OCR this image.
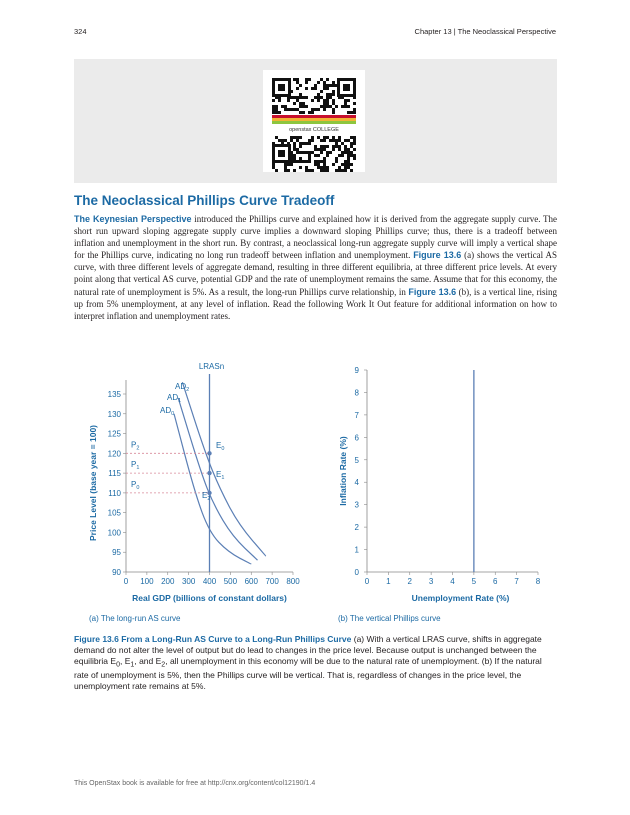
324	Chapter 13 | The Neoclassical Perspective
openstax COLLEGE
The Neoclassical Phillips Curve Tradeoff
The Keynesian Perspective introduced the Phillips curve and explained how it is derived from the aggregate supply curve. The short run upward sloping aggregate supply curve implies a downward sloping Phillips curve; thus, there is a tradeoff between inflation and unemployment in the short run. By contrast, a neoclassical long-run aggregate supply curve will imply a vertical shape for the Phillips curve, indicating no long run tradeoff between inflation and unemployment. Figure 13.6 (a) shows the vertical AS curve, with three different levels of aggregate demand, resulting in three different equilibria, at three different price levels. At every point along that vertical AS curve, potential GDP and the rate of unemployment remains the same. Assume that for this economy, the natural rate of unemployment is 5%. As a result, the long-run Phillips curve relationship, in Figure 13.6 (b), is a vertical line, rising up from 5% unemployment, at any level of inflation. Read the following Work It Out feature for additional information on how to interpret inflation and unemployment rates.
90
95
100
105
110
115
120
125
130
135
0 100 200 300 400 500 600 700 800
Real GDP (billions of constant dollars)
Price Level (base year = 100)
LRASn
$AD_2$
$AD_1$
$AD_0$
$E_0$
$P_2$
$E_1$
$P_1$
$E_2$
$P_0$
(a) The long-run AS curve
0
1
2
3
4
5
6
7
8
9
0 1 2 3 4 5 6 7 8
Unemployment Rate (%)
Inflation Rate (%)
(b) The vertical Phillips curve
Figure 13.6 From a Long-Run AS Curve to a Long-Run Phillips Curve (a) With a vertical LRAS curve, shifts in aggregate demand do not alter the level of output but do lead to changes in the price level. Because output is unchanged between the equilibria $E_0$, $E_1$, and $E_2$, all unemployment in this economy will be due to the natural rate of unemployment. (b) If the natural rate of unemployment is 5%, then the Phillips curve will be vertical. That is, regardless of changes in the price level, the unemployment rate remains at 5%.
This OpenStax book is available for free at http://cnx.org/content/col12190/1.4
